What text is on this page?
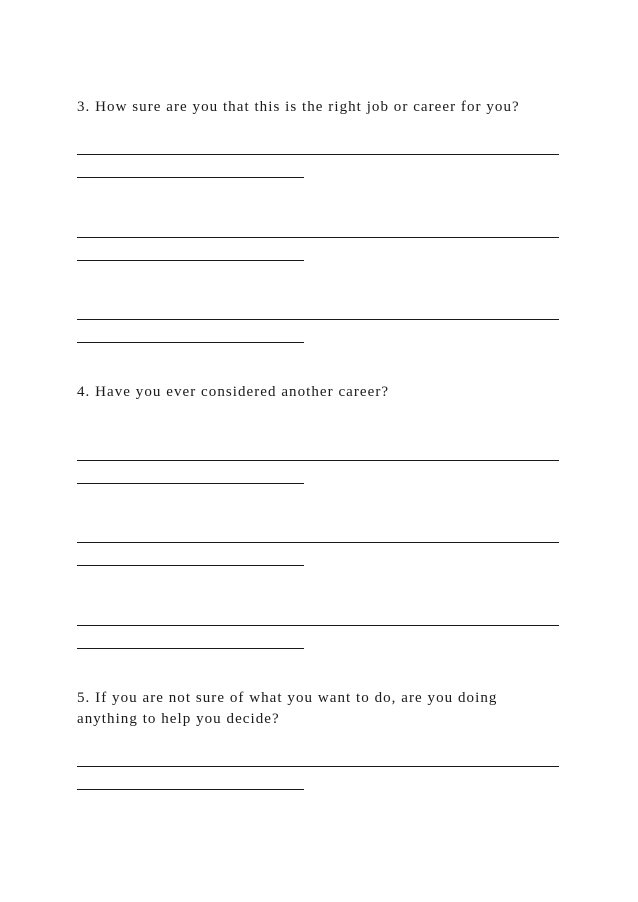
3. How sure are you that this is the right job or career for you?

4. Have you ever considered another career?

5. If you are not sure of what you want to do, are you doing anything to help you decide?
